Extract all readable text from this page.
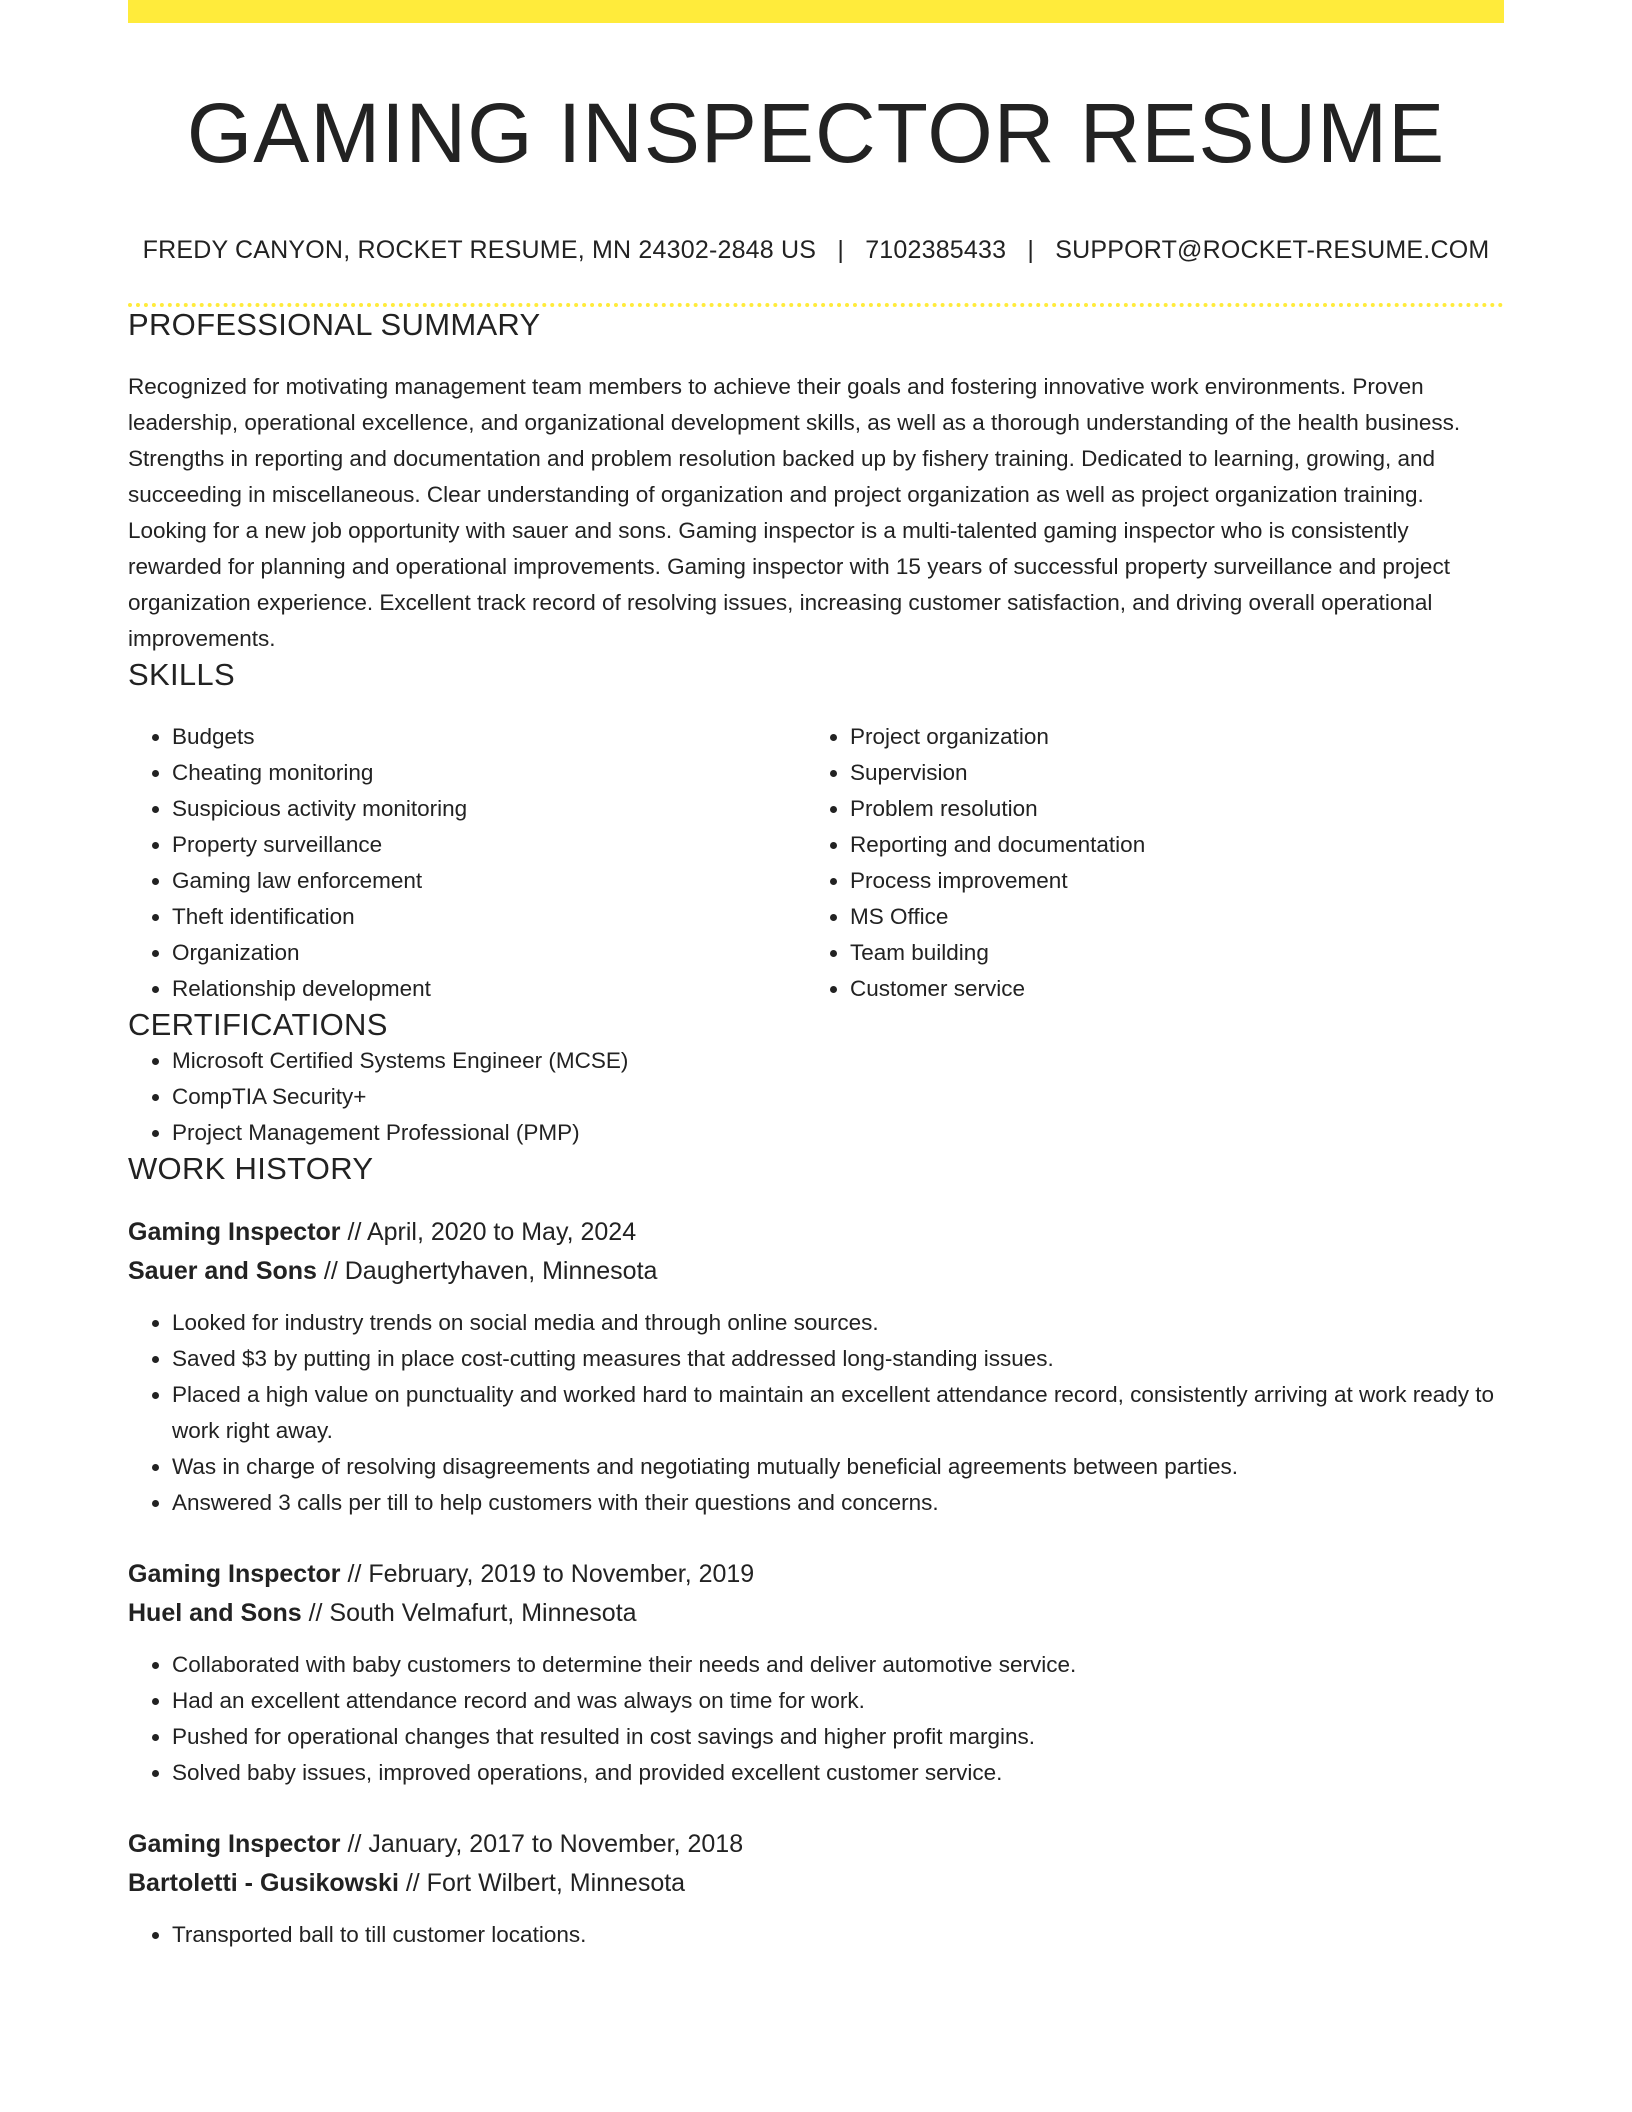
GAMING INSPECTOR RESUME
FREDY CANYON, ROCKET RESUME, MN 24302-2848 US | 7102385433 | SUPPORT@ROCKET-RESUME.COM
PROFESSIONAL SUMMARY

Recognized for motivating management team members to achieve their goals and fostering innovative work environments. Proven leadership, operational excellence, and organizational development skills, as well as a thorough understanding of the health business. Strengths in reporting and documentation and problem resolution backed up by fishery training. Dedicated to learning, growing, and succeeding in miscellaneous. Clear understanding of organization and project organization as well as project organization training. Looking for a new job opportunity with sauer and sons. Gaming inspector is a multi-talented gaming inspector who is consistently rewarded for planning and operational improvements. Gaming inspector with 15 years of successful property surveillance and project organization experience. Excellent track record of resolving issues, increasing customer satisfaction, and driving overall operational improvements.

SKILLS
• Budgets
• Cheating monitoring
• Suspicious activity monitoring
• Property surveillance
• Gaming law enforcement
• Theft identification
• Organization
• Relationship development
• Project organization
• Supervision
• Problem resolution
• Reporting and documentation
• Process improvement
• MS Office
• Team building
• Customer service
CERTIFICATIONS
• Microsoft Certified Systems Engineer (MCSE)
• CompTIA Security+
• Project Management Professional (PMP)
WORK HISTORY
Gaming Inspector // April, 2020 to May, 2024
Sauer and Sons // Daughertyhaven, Minnesota
• Looked for industry trends on social media and through online sources.
• Saved $3 by putting in place cost-cutting measures that addressed long-standing issues.
• Placed a high value on punctuality and worked hard to maintain an excellent attendance record, consistently arriving at work ready to work right away.
• Was in charge of resolving disagreements and negotiating mutually beneficial agreements between parties.
• Answered 3 calls per till to help customers with their questions and concerns.
Gaming Inspector // February, 2019 to November, 2019
Huel and Sons // South Velmafurt, Minnesota
• Collaborated with baby customers to determine their needs and deliver automotive service.
• Had an excellent attendance record and was always on time for work.
• Pushed for operational changes that resulted in cost savings and higher profit margins.
• Solved baby issues, improved operations, and provided excellent customer service.
Gaming Inspector // January, 2017 to November, 2018
Bartoletti - Gusikowski // Fort Wilbert, Minnesota
• Transported ball to till customer locations.
